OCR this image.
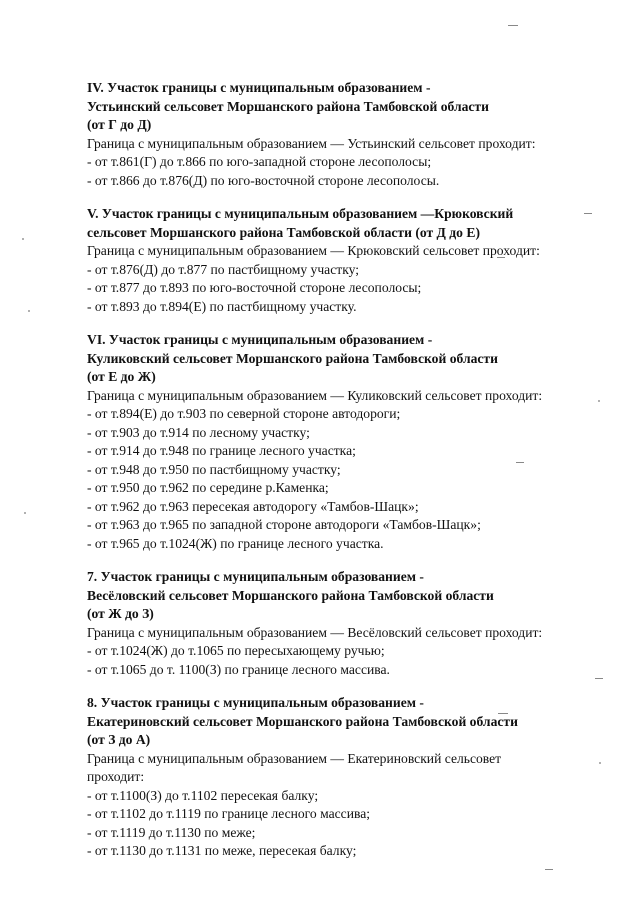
IV. Участок границы с муниципальным образованием -
Устьинский сельсовет Моршанского района Тамбовской области
(от Г до Д)
Граница с муниципальным образованием — Устьинский сельсовет проходит:
- от т.861(Г) до т.866 по юго-западной стороне лесополосы;
- от т.866 до т.876(Д) по юго-восточной стороне лесополосы.
V. Участок границы с муниципальным образованием —Крюковский
сельсовет Моршанского района Тамбовской области (от Д до Е)
Граница с муниципальным образованием — Крюковский сельсовет проходит:
- от т.876(Д) до т.877 по пастбищному участку;
- от т.877 до т.893 по юго-восточной стороне лесополосы;
- от т.893 до т.894(Е) по пастбищному участку.
VI. Участок границы с муниципальным образованием -
Куликовский сельсовет Моршанского района Тамбовской области
(от Е до Ж)
Граница с муниципальным образованием — Куликовский сельсовет проходит:
- от т.894(Е) до т.903 по северной стороне автодороги;
- от т.903 до т.914 по лесному участку;
- от т.914 до т.948 по границе лесного участка;
- от т.948 до т.950 по пастбищному участку;
- от т.950 до т.962 по середине р.Каменка;
- от т.962 до т.963 пересекая автодорогу «Тамбов-Шацк»;
- от т.963 до т.965 по западной стороне автодороги «Тамбов-Шацк»;
- от т.965 до т.1024(Ж) по границе лесного участка.
7. Участок границы с муниципальным образованием -
Весёловский сельсовет Моршанского района Тамбовской области
(от Ж до З)
Граница с муниципальным образованием — Весёловский сельсовет проходит:
- от т.1024(Ж) до т.1065 по пересыхающему ручью;
- от т.1065 до т. 1100(З) по границе лесного массива.
8. Участок границы с муниципальным образованием -
Екатериновский сельсовет Моршанского района Тамбовской области
(от З до А)
Граница с муниципальным образованием — Екатериновский сельсовет
проходит:
- от т.1100(З) до т.1102 пересекая балку;
- от т.1102 до т.1119 по границе лесного массива;
- от т.1119 до т.1130 по меже;
- от т.1130 до т.1131 по меже, пересекая балку;
